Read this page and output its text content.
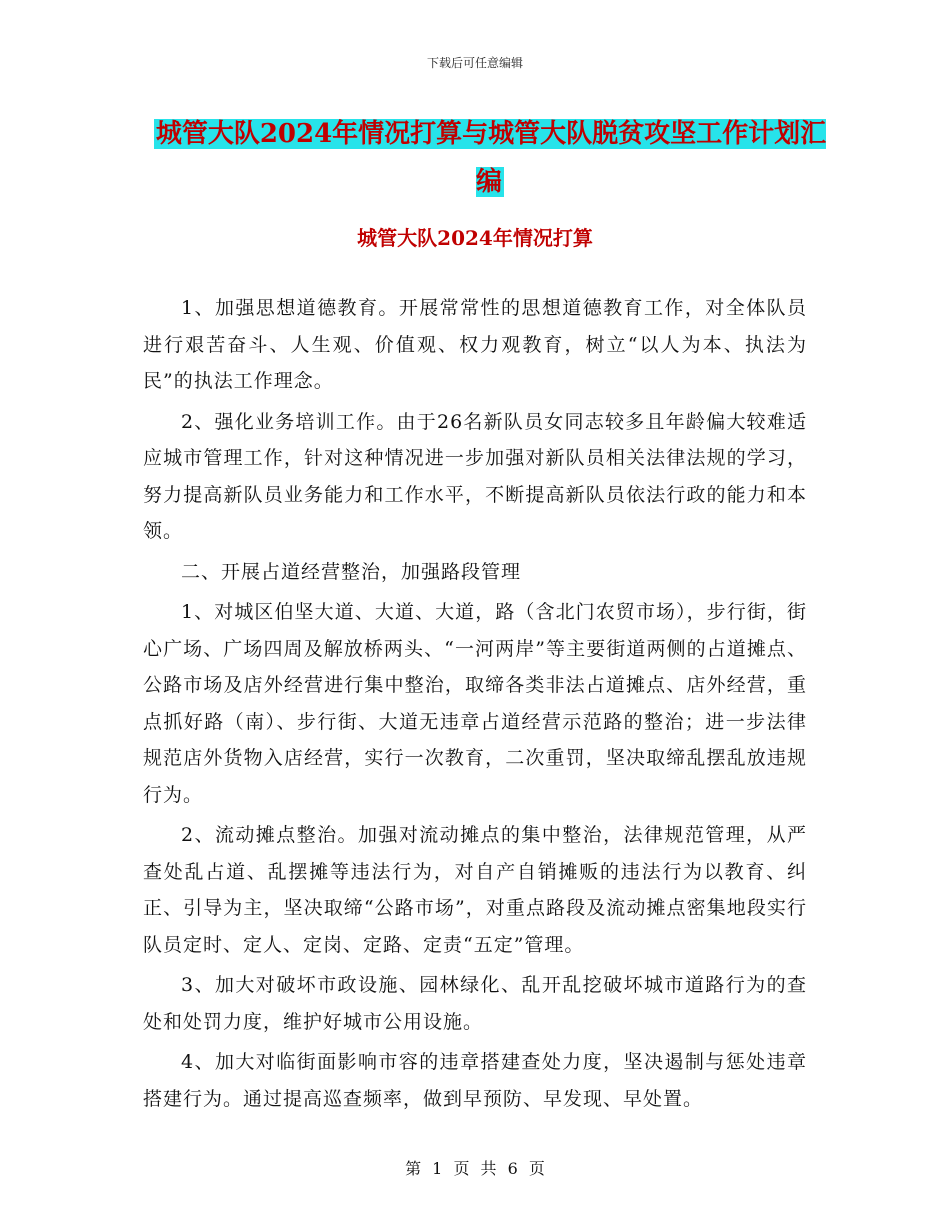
下载后可任意编辑
城管大队2024年情况打算与城管大队脱贫攻坚工作计划汇编
城管大队2024年情况打算

1、加强思想道德教育。开展常常性的思想道德教育工作，对全体队员进行艰苦奋斗、人生观、价值观、权力观教育，树立“以人为本、执法为民”的执法工作理念。

2、强化业务培训工作。由于26名新队员女同志较多且年龄偏大较难适应城市管理工作，针对这种情况进一步加强对新队员相关法律法规的学习，努力提高新队员业务能力和工作水平，不断提高新队员依法行政的能力和本领。

二、开展占道经营整治，加强路段管理

1、对城区伯坚大道、大道、大道，路（含北门农贸市场），步行街，街心广场、广场四周及解放桥两头、“一河两岸”等主要街道两侧的占道摊点、公路市场及店外经营进行集中整治，取缔各类非法占道摊点、店外经营，重点抓好路（南）、步行街、大道无违章占道经营示范路的整治；进一步法律规范店外货物入店经营，实行一次教育，二次重罚，坚决取缔乱摆乱放违规行为。

2、流动摊点整治。加强对流动摊点的集中整治，法律规范管理，从严查处乱占道、乱摆摊等违法行为，对自产自销摊贩的违法行为以教育、纠正、引导为主，坚决取缔“公路市场”，对重点路段及流动摊点密集地段实行队员定时、定人、定岗、定路、定责“五定”管理。

3、加大对破坏市政设施、园林绿化、乱开乱挖破坏城市道路行为的查处和处罚力度，维护好城市公用设施。

4、加大对临街面影响市容的违章搭建查处力度，坚决遏制与惩处违章搭建行为。通过提高巡查频率，做到早预防、早发现、早处置。

第 1 页 共 6 页
